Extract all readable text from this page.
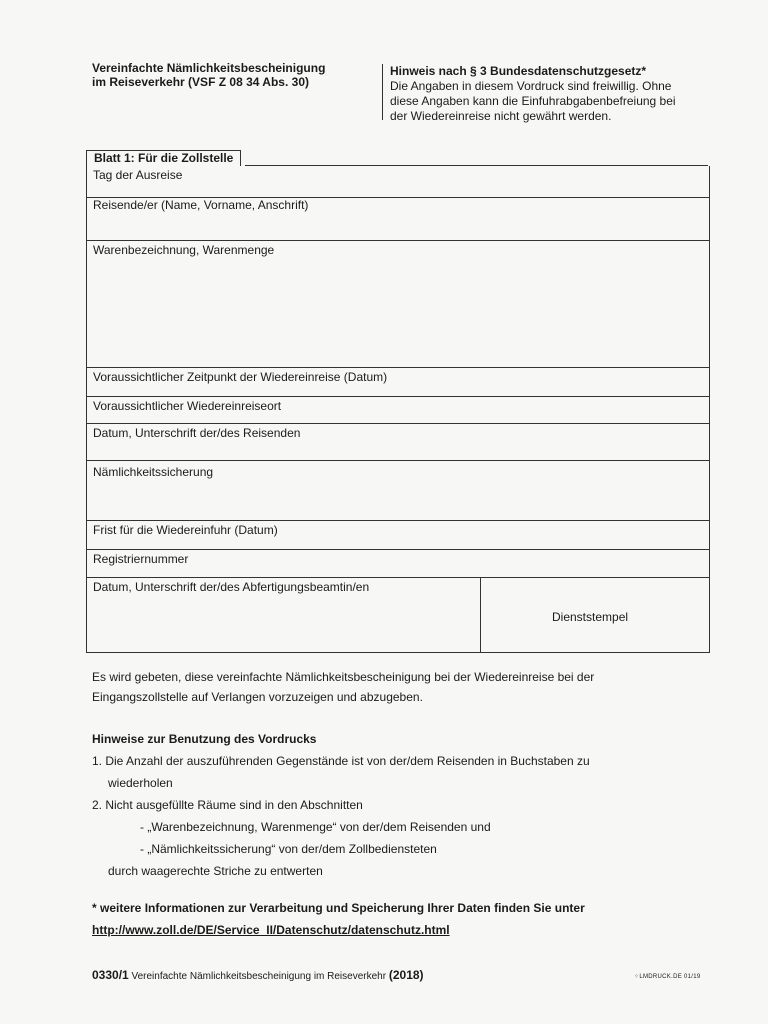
Vereinfachte Nämlichkeitsbescheinigung
im Reiseverkehr (VSF Z 08 34 Abs. 30)
Hinweis nach § 3 Bundesdatenschutzgesetz*
Die Angaben in diesem Vordruck sind freiwillig. Ohne
diese Angaben kann die Einfuhrabgabenbefreiung bei
der Wiedereinreise nicht gewährt werden.
Blatt 1: Für die Zollstelle
Tag der Ausreise
Reisende/er (Name, Vorname, Anschrift)
Warenbezeichnung, Warenmenge
Voraussichtlicher Zeitpunkt der Wiedereinreise (Datum)
Voraussichtlicher Wiedereinreiseort
Datum, Unterschrift der/des Reisenden
Nämlichkeitssicherung
Frist für die Wiedereinfuhr (Datum)
Registriernummer
Datum, Unterschrift der/des Abfertigungsbeamtin/en
Dienststempel
Es wird gebeten, diese vereinfachte Nämlichkeitsbescheinigung bei der Wiedereinreise bei der
Eingangszollstelle auf Verlangen vorzuzeigen und abzugeben.
Hinweise zur Benutzung des Vordrucks
1. Die Anzahl der auszuführenden Gegenstände ist von der/dem Reisenden in Buchstaben zu
wiederholen
2. Nicht ausgefüllte Räume sind in den Abschnitten
- „Warenbezeichnung, Warenmenge“ von der/dem Reisenden und
- „Nämlichkeitssicherung“ von der/dem Zollbediensteten
durch waagerechte Striche zu entwerten
* weitere Informationen zur Verarbeitung und Speicherung Ihrer Daten finden Sie unter
http://www.zoll.de/DE/Service_II/Datenschutz/datenschutz.html
0330/1 Vereinfachte Nämlichkeitsbescheinigung im Reiseverkehr (2018)	⁘LMDRUCK.DE 01/19
